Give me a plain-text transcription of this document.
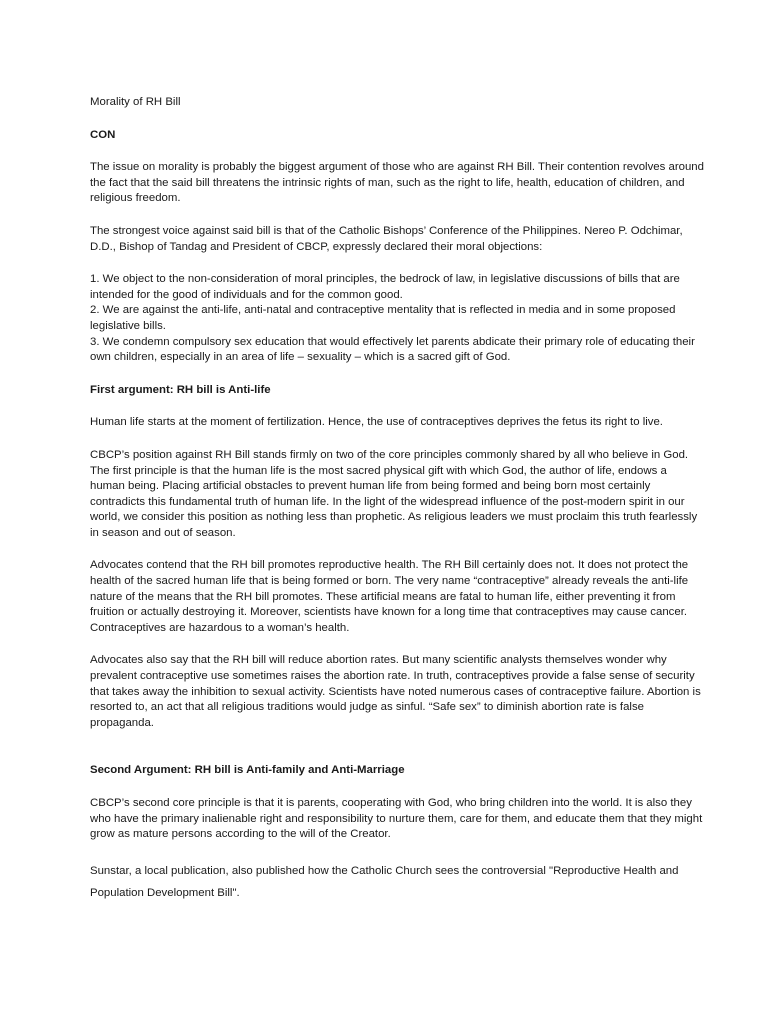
Morality of RH Bill

CON

The issue on morality is probably the biggest argument of those who are against RH Bill. Their contention revolves around the fact that the said bill threatens the intrinsic rights of man, such as the right to life, health, education of children, and religious freedom.

The strongest voice against said bill is that of the Catholic Bishops’ Conference of the Philippines. Nereo P. Odchimar, D.D., Bishop of Tandag and President of CBCP, expressly declared their moral objections:

1. We object to the non-consideration of moral principles, the bedrock of law, in legislative discussions of bills that are intended for the good of individuals and for the common good.

2. We are against the anti-life, anti-natal and contraceptive mentality that is reflected in media and in some proposed legislative bills.

3. We condemn compulsory sex education that would effectively let parents abdicate their primary role of educating their own children, especially in an area of life – sexuality – which is a sacred gift of God.

First argument: RH bill is Anti-life

Human life starts at the moment of fertilization. Hence, the use of contraceptives deprives the fetus its right to live.

CBCP’s position against RH Bill stands firmly on two of the core principles commonly shared by all who believe in God. The first principle is that the human life is the most sacred physical gift with which God, the author of life, endows a human being. Placing artificial obstacles to prevent human life from being formed and being born most certainly contradicts this fundamental truth of human life. In the light of the widespread influence of the post-modern spirit in our world, we consider this position as nothing less than prophetic. As religious leaders we must proclaim this truth fearlessly in season and out of season.

Advocates contend that the RH bill promotes reproductive health. The RH Bill certainly does not. It does not protect the health of the sacred human life that is being formed or born. The very name “contraceptive” already reveals the anti-life nature of the means that the RH bill promotes. These artificial means are fatal to human life, either preventing it from fruition or actually destroying it. Moreover, scientists have known for a long time that contraceptives may cause cancer. Contraceptives are hazardous to a woman’s health.

Advocates also say that the RH bill will reduce abortion rates. But many scientific analysts themselves wonder why prevalent contraceptive use sometimes raises the abortion rate. In truth, contraceptives provide a false sense of security that takes away the inhibition to sexual activity. Scientists have noted numerous cases of contraceptive failure. Abortion is resorted to, an act that all religious traditions would judge as sinful. “Safe sex” to diminish abortion rate is false propaganda.

Second Argument: RH bill is Anti-family and Anti-Marriage

CBCP’s second core principle is that it is parents, cooperating with God, who bring children into the world. It is also they who have the primary inalienable right and responsibility to nurture them, care for them, and educate them that they might grow as mature persons according to the will of the Creator.

Sunstar, a local publication, also published how the Catholic Church sees the controversial "Reproductive Health and Population Development Bill".
